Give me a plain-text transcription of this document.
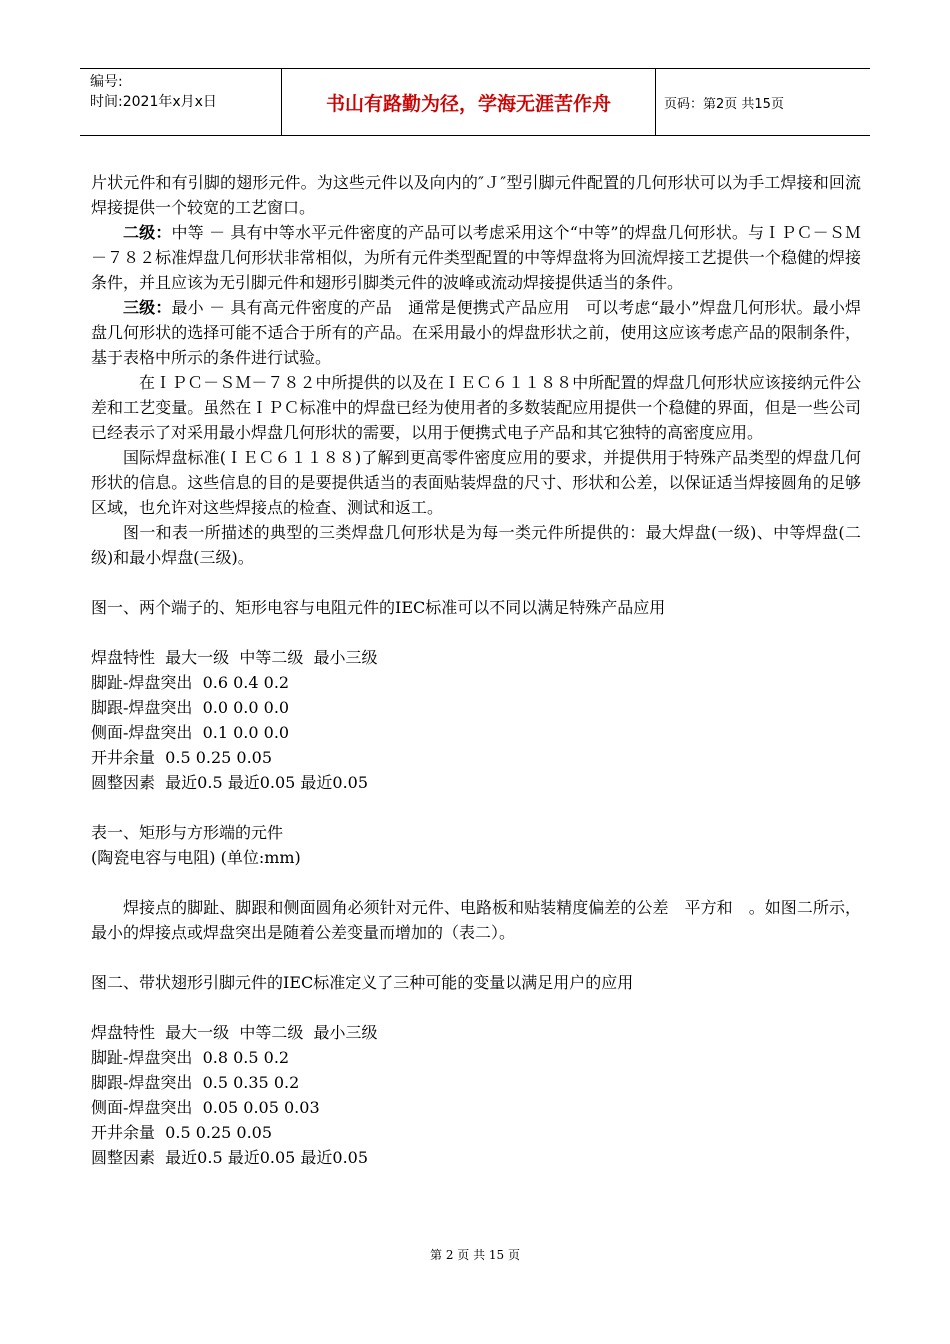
编号:
时间:2021年x月x日	书山有路勤为径，学海无涯苦作舟	页码：第2页 共15页

片状元件和有引脚的翅形元件。为这些元件以及向内的″Ｊ″型引脚元件配置的几何形状可以为手工焊接和回流焊接提供一个较宽的工艺窗口。

二级：中等 － 具有中等水平元件密度的产品可以考虑采用这个“中等”的焊盘几何形状。与ＩＰＣ－ＳＭ－７８２标准焊盘几何形状非常相似，为所有元件类型配置的中等焊盘将为回流焊接工艺提供一个稳健的焊接条件，并且应该为无引脚元件和翅形引脚类元件的波峰或流动焊接提供适当的条件。

三级：最小 － 具有高元件密度的产品　通常是便携式产品应用　可以考虑“最小”焊盘几何形状。最小焊盘几何形状的选择可能不适合于所有的产品。在采用最小的焊盘形状之前，使用这应该考虑产品的限制条件，基于表格中所示的条件进行试验。

在ＩＰＣ－ＳＭ－７８２中所提供的以及在ＩＥＣ６１１８８中所配置的焊盘几何形状应该接纳元件公差和工艺变量。虽然在ＩＰＣ标准中的焊盘已经为使用者的多数装配应用提供一个稳健的界面，但是一些公司已经表示了对采用最小焊盘几何形状的需要，以用于便携式电子产品和其它独特的高密度应用。

国际焊盘标准(ＩＥＣ６１１８８)了解到更高零件密度应用的要求，并提供用于特殊产品类型的焊盘几何形状的信息。这些信息的目的是要提供适当的表面贴装焊盘的尺寸、形状和公差，以保证适当焊接圆角的足够区域，也允许对这些焊接点的检查、测试和返工。

图一和表一所描述的典型的三类焊盘几何形状是为每一类元件所提供的：最大焊盘(一级)、中等焊盘(二级)和最小焊盘(三级)。

图一、两个端子的、矩形电容与电阻元件的IEC标准可以不同以满足特殊产品应用

焊盘特性  最大一级  中等二级  最小三级

脚趾-焊盘突出  0.6 0.4 0.2

脚跟-焊盘突出  0.0 0.0 0.0

侧面-焊盘突出  0.1 0.0 0.0

开井余量  0.5 0.25 0.05

圆整因素  最近0.5 最近0.05 最近0.05

表一、矩形与方形端的元件

(陶瓷电容与电阻) (单位:mm)

焊接点的脚趾、脚跟和侧面圆角必须针对元件、电路板和贴装精度偏差的公差　平方和　。如图二所示，最小的焊接点或焊盘突出是随着公差变量而增加的（表二）。

图二、带状翅形引脚元件的IEC标准定义了三种可能的变量以满足用户的应用

焊盘特性  最大一级  中等二级  最小三级

脚趾-焊盘突出  0.8 0.5 0.2

脚跟-焊盘突出  0.5 0.35 0.2

侧面-焊盘突出  0.05 0.05 0.03

开井余量  0.5 0.25 0.05

圆整因素  最近0.5 最近0.05 最近0.05

第 2 页 共 15 页
